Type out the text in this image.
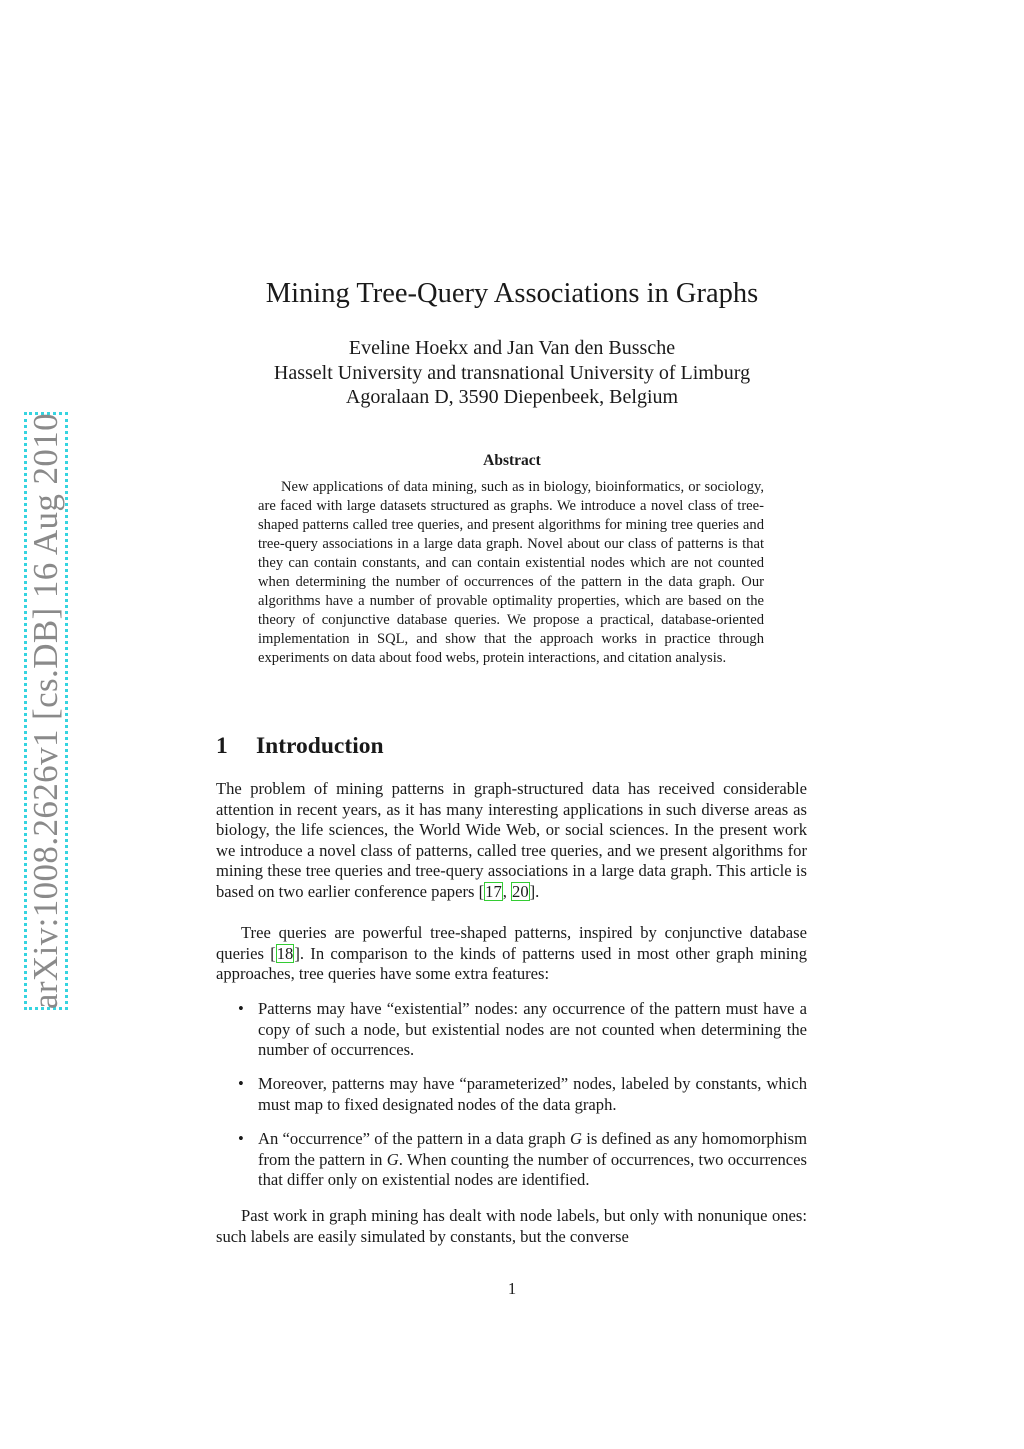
arXiv:1008.2626v1 [cs.DB] 16 Aug 2010
Mining Tree-Query Associations in Graphs
Eveline Hoekx and Jan Van den Bussche
Hasselt University and transnational University of Limburg
Agoralaan D, 3590 Diepenbeek, Belgium
Abstract

New applications of data mining, such as in biology, bioinformatics, or sociology, are faced with large datasets structured as graphs. We introduce a novel class of tree-shaped patterns called tree queries, and present algorithms for mining tree queries and tree-query associations in a large data graph. Novel about our class of patterns is that they can contain constants, and can contain existential nodes which are not counted when determining the number of occurrences of the pattern in the data graph. Our algorithms have a number of provable optimality properties, which are based on the theory of conjunctive database queries. We propose a practical, database-oriented implementation in SQL, and show that the approach works in practice through experiments on data about food webs, protein interactions, and citation analysis.

1 Introduction

The problem of mining patterns in graph-structured data has received considerable attention in recent years, as it has many interesting applications in such diverse areas as biology, the life sciences, the World Wide Web, or social sciences. In the present work we introduce a novel class of patterns, called tree queries, and we present algorithms for mining these tree queries and tree-query associations in a large data graph. This article is based on two earlier conference papers [17, 20].

Tree queries are powerful tree-shaped patterns, inspired by conjunctive database queries [18]. In comparison to the kinds of patterns used in most other graph mining approaches, tree queries have some extra features:

• Patterns may have “existential” nodes: any occurrence of the pattern must have a copy of such a node, but existential nodes are not counted when determining the number of occurrences.
• Moreover, patterns may have “parameterized” nodes, labeled by constants, which must map to fixed designated nodes of the data graph.
• An “occurrence” of the pattern in a data graph G is defined as any homomorphism from the pattern in G. When counting the number of occurrences, two occurrences that differ only on existential nodes are identified.

Past work in graph mining has dealt with node labels, but only with nonunique ones: such labels are easily simulated by constants, but the converse

1
